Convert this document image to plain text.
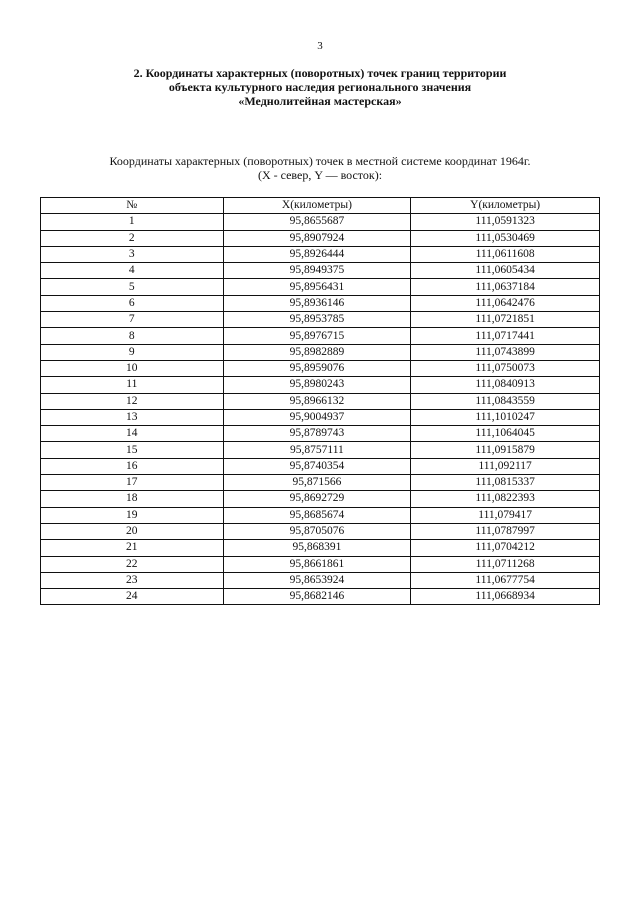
3
2. Координаты характерных (поворотных) точек границ территории
объекта культурного наследия регионального значения
«Меднолитейная мастерская»
Координаты характерных (поворотных) точек в местной системе координат 1964г.
(X - север, Y — восток):
№	X(километры)	Y(километры)
1	95,8655687	111,0591323
2	95,8907924	111,0530469
3	95,8926444	111,0611608
4	95,8949375	111,0605434
5	95,8956431	111,0637184
6	95,8936146	111,0642476
7	95,8953785	111,0721851
8	95,8976715	111,0717441
9	95,8982889	111,0743899
10	95,8959076	111,0750073
11	95,8980243	111,0840913
12	95,8966132	111,0843559
13	95,9004937	111,1010247
14	95,8789743	111,1064045
15	95,8757111	111,0915879
16	95,8740354	111,092117
17	95,871566	111,0815337
18	95,8692729	111,0822393
19	95,8685674	111,079417
20	95,8705076	111,0787997
21	95,868391	111,0704212
22	95,8661861	111,0711268
23	95,8653924	111,0677754
24	95,8682146	111,0668934
